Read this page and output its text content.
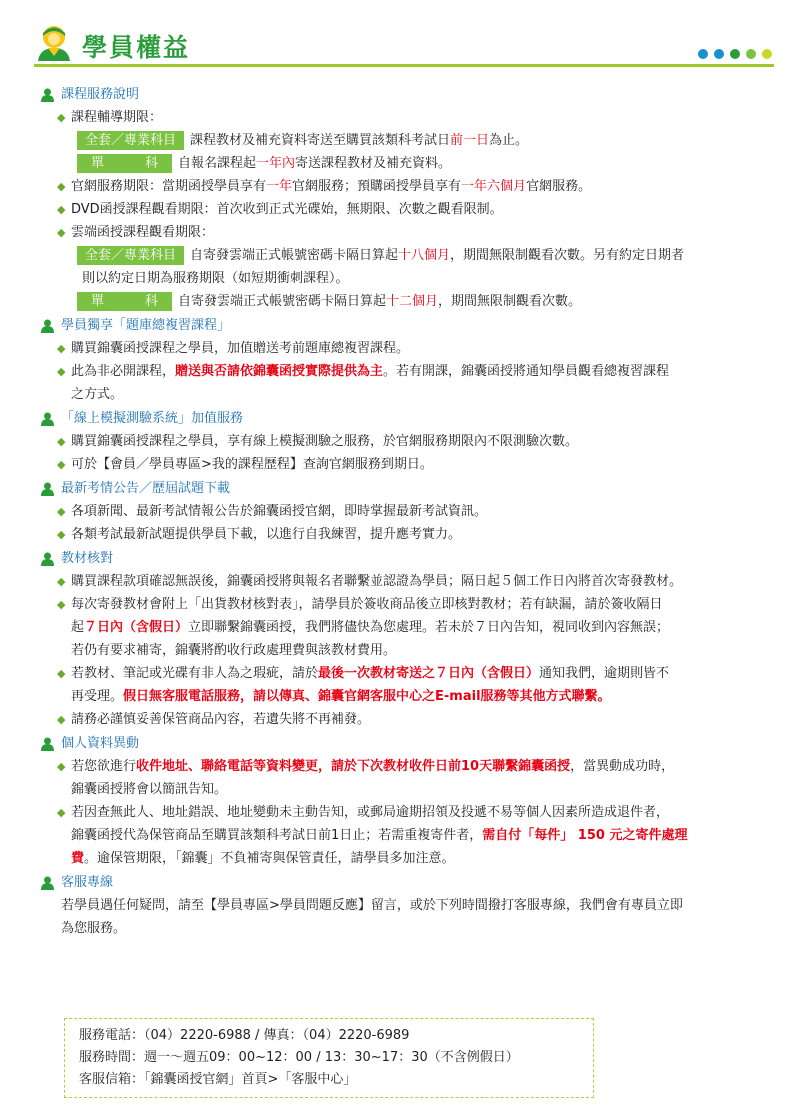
學員權益
課程服務說明
◆ 課程輔導期限：
全套／專業科目 課程教材及補充資料寄送至購買該類科考試日前一日為止。
單　科 自報名課程起一年內寄送課程教材及補充資料。
◆ 官網服務期限：當期函授學員享有一年官網服務；預購函授學員享有一年六個月官網服務。
◆ DVD函授課程觀看期限：首次收到正式光碟始，無期限、次數之觀看限制。
◆ 雲端函授課程觀看期限：
全套／專業科目 自寄發雲端正式帳號密碼卡隔日算起十八個月，期間無限制觀看次數。另有約定日期者
則以約定日期為服務期限（如短期衝刺課程）。
單　科 自寄發雲端正式帳號密碼卡隔日算起十二個月，期間無限制觀看次數。
學員獨享「題庫總複習課程」
◆ 購買錦囊函授課程之學員，加值贈送考前題庫總複習課程。
◆ 此為非必開課程，贈送與否請依錦囊函授實際提供為主。若有開課，錦囊函授將通知學員觀看總複習課程
之方式。
「線上模擬測驗系統」加值服務
◆ 購買錦囊函授課程之學員，享有線上模擬測驗之服務，於官網服務期限內不限測驗次數。
◆ 可於【會員／學員專區>我的課程歷程】查詢官網服務到期日。
最新考情公告／歷屆試題下載
◆ 各項新聞、最新考試情報公告於錦囊函授官網，即時掌握最新考試資訊。
◆ 各類考試最新試題提供學員下載，以進行自我練習，提升應考實力。
教材核對
◆ 購買課程款項確認無誤後，錦囊函授將與報名者聯繫並認證為學員；隔日起５個工作日內將首次寄發教材。
◆ 每次寄發教材會附上「出貨教材核對表」，請學員於簽收商品後立即核對教材；若有缺漏，請於簽收隔日
起７日內（含假日）立即聯繫錦囊函授，我們將儘快為您處理。若未於７日內告知，視同收到內容無誤；
若仍有要求補寄，錦囊將酌收行政處理費與該教材費用。
◆ 若教材、筆記或光碟有非人為之瑕疵，請於最後一次教材寄送之７日內（含假日）通知我們，逾期則皆不
再受理。假日無客服電話服務，請以傳真、錦囊官網客服中心之E-mail服務等其他方式聯繫。
◆ 請務必謹慎妥善保管商品內容，若遺失將不再補發。
個人資料異動
◆ 若您欲進行收件地址、聯絡電話等資料變更，請於下次教材收件日前10天聯繫錦囊函授，當異動成功時，
錦囊函授將會以簡訊告知。
◆ 若因查無此人、地址錯誤、地址變動未主動告知，或郵局逾期招領及投遞不易等個人因素所造成退件者，
錦囊函授代為保管商品至購買該類科考試日前1日止；若需重複寄件者，需自付「每件」 150 元之寄件處理
費。逾保管期限，「錦囊」不負補寄與保管責任，請學員多加注意。
客服專線
若學員遇任何疑問，請至【學員專區>學員問題反應】留言，或於下列時間撥打客服專線，我們會有專員立即
為您服務。
服務電話：（04）2220-6988 / 傳真：（04）2220-6989
服務時間：週一～週五09：00~12：00 / 13：30~17：30（不含例假日）
客服信箱：「錦囊函授官網」首頁>「客服中心」
